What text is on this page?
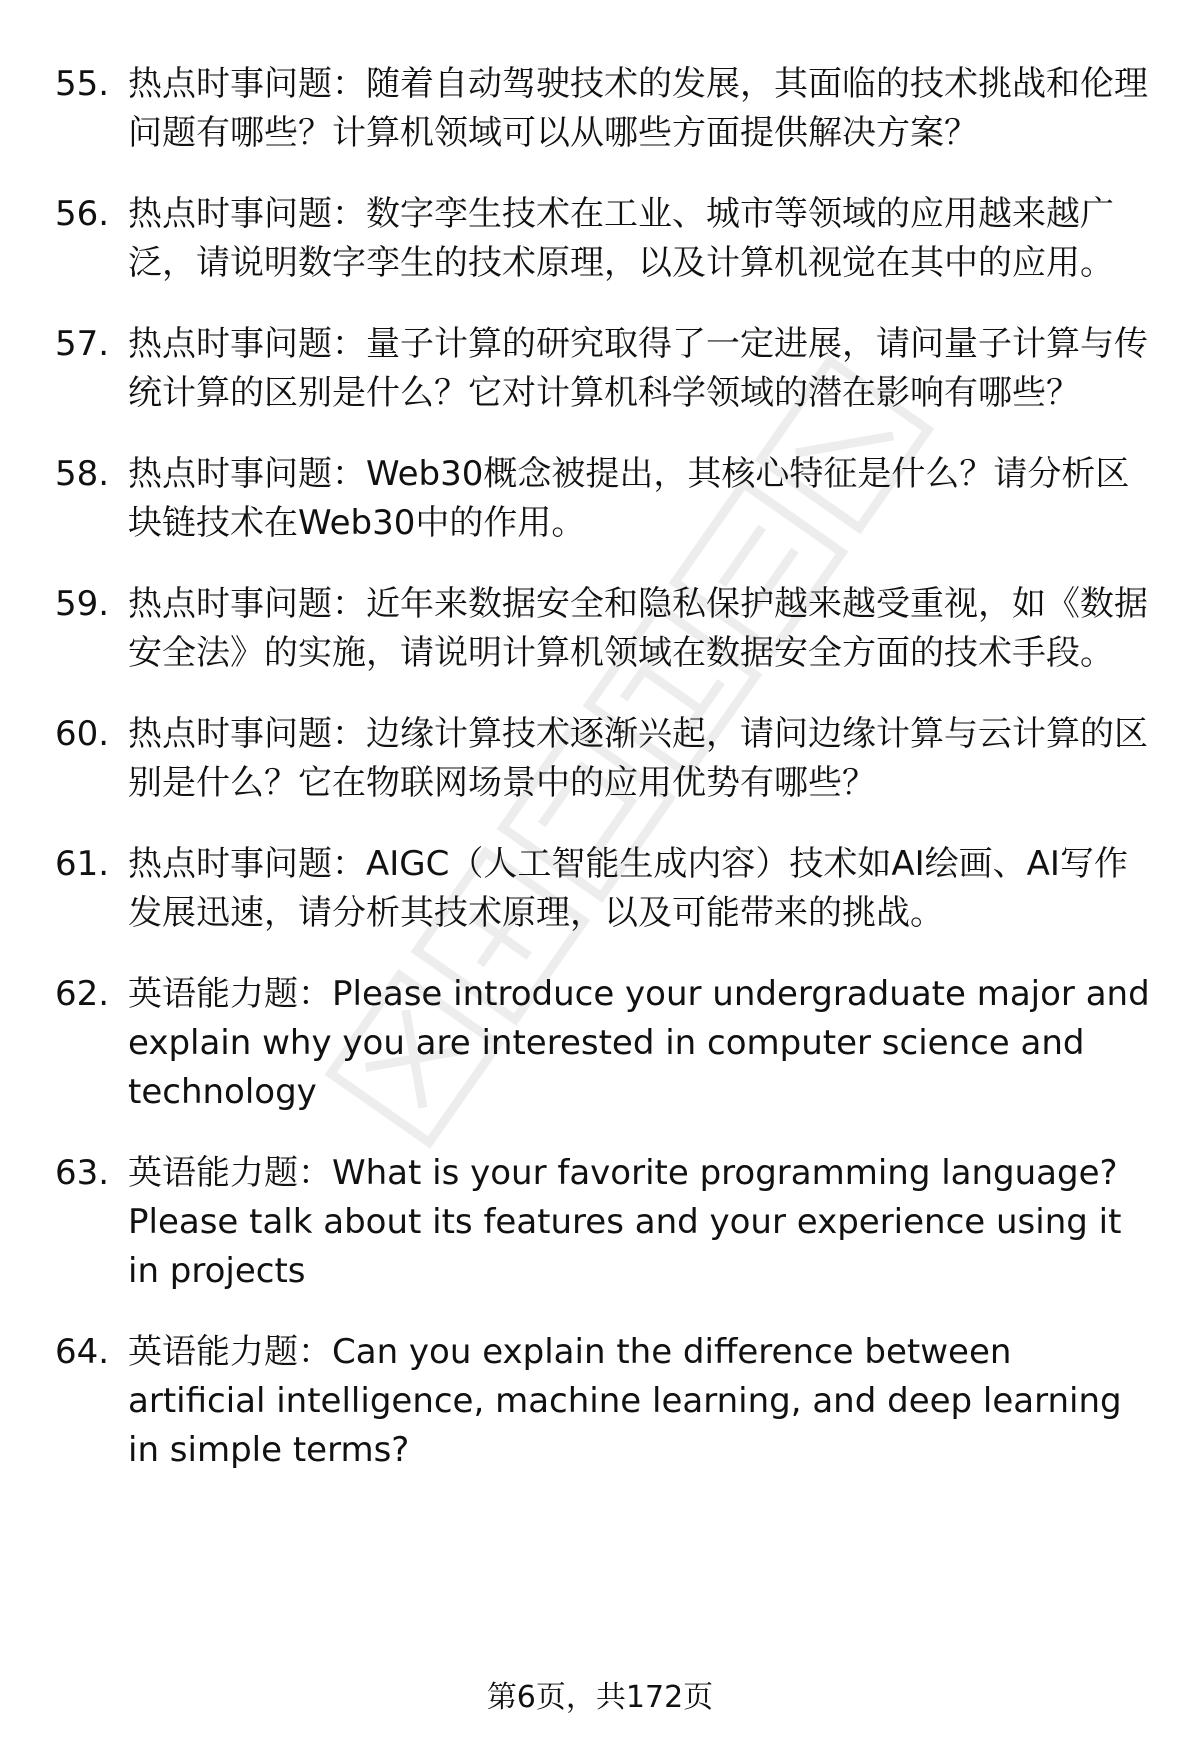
55. 热点时事问题：随着自动驾驶技术的发展，其面临的技术挑战和伦理问题有哪些？计算机领域可以从哪些方面提供解决方案？
56. 热点时事问题：数字孪生技术在工业、城市等领域的应用越来越广泛，请说明数字孪生的技术原理，以及计算机视觉在其中的应用。
57. 热点时事问题：量子计算的研究取得了一定进展，请问量子计算与传统计算的区别是什么？它对计算机科学领域的潜在影响有哪些？
58. 热点时事问题：Web30概念被提出，其核心特征是什么？请分析区块链技术在Web30中的作用。
59. 热点时事问题：近年来数据安全和隐私保护越来越受重视，如《数据安全法》的实施，请说明计算机领域在数据安全方面的技术手段。
60. 热点时事问题：边缘计算技术逐渐兴起，请问边缘计算与云计算的区别是什么？它在物联网场景中的应用优势有哪些？
61. 热点时事问题：AIGC（人工智能生成内容）技术如AI绘画、AI写作发展迅速，请分析其技术原理，以及可能带来的挑战。
62. 英语能力题：Please introduce your undergraduate major and explain why you are interested in computer science and technology
63. 英语能力题：What is your favorite programming language? Please talk about its features and your experience using it in projects
64. 英语能力题：Can you explain the difference between artificial intelligence, machine learning, and deep learning in simple terms?
第6页，共172页
